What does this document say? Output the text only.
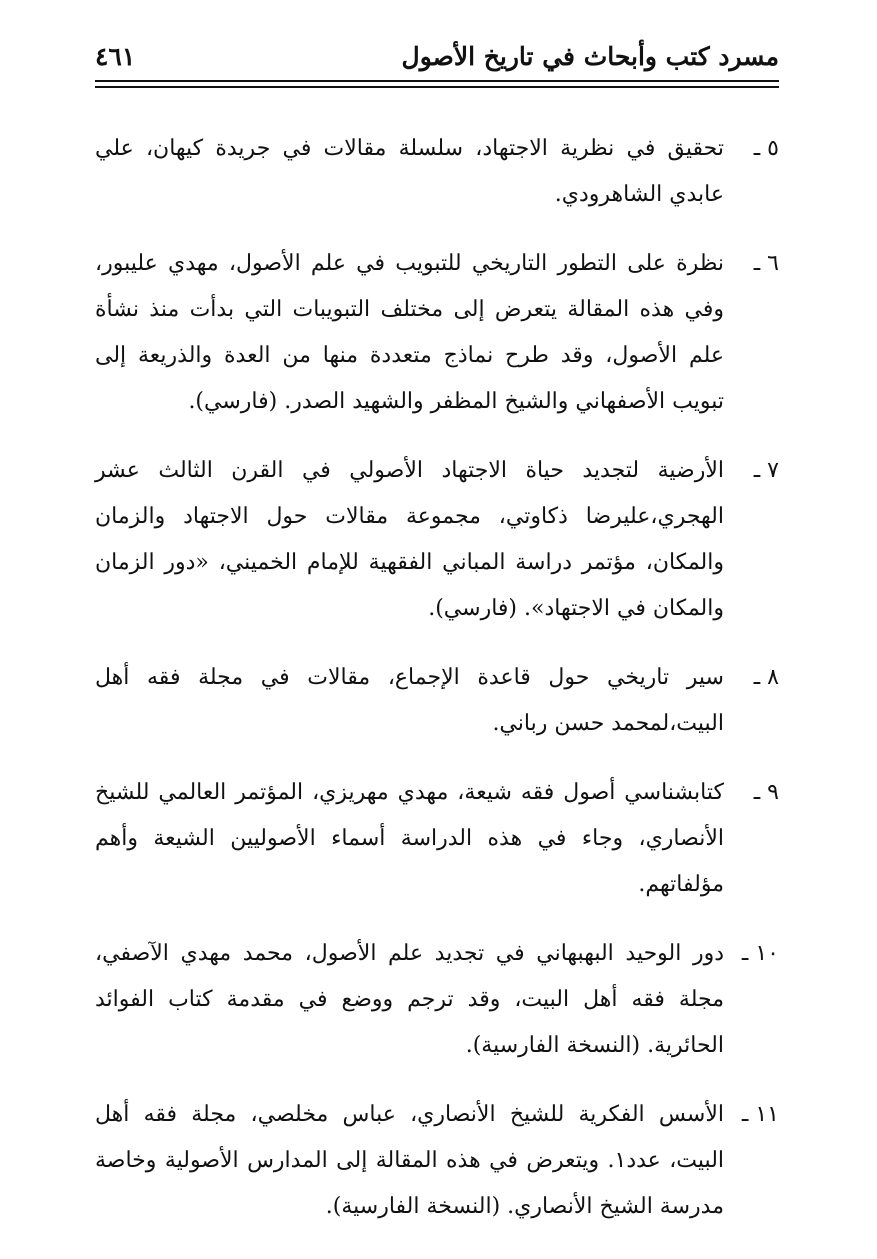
مسرد كتب وأبحاث في تاريخ الأصول
٤٦١
٥ ـ
تحقيق في نظرية الاجتهاد، سلسلة مقالات في جريدة كيهان، علي عابدي الشاهرودي.
٦ ـ
نظرة على التطور التاريخي للتبويب في علم الأصول، مهدي عليبور، وفي هذه المقالة يتعرض إلى مختلف التبويبات التي بدأت منذ نشأة علم الأصول، وقد طرح نماذج متعددة منها من العدة والذريعة إلى تبويب الأصفهاني والشيخ المظفر والشهيد الصدر. (فارسي).
٧ ـ
الأرضية لتجديد حياة الاجتهاد الأصولي في القرن الثالث عشر الهجري،عليرضا ذكاوتي، مجموعة مقالات حول الاجتهاد والزمان والمكان، مؤتمر دراسة المباني الفقهية للإمام الخميني، «دور الزمان والمكان في الاجتهاد». (فارسي).
٨ ـ
سير تاريخي حول قاعدة الإجماع، مقالات في مجلة فقه أهل البيت،لمحمد حسن رباني.
٩ ـ
كتابشناسي أصول فقه شيعة، مهدي مهريزي، المؤتمر العالمي للشيخ الأنصاري، وجاء في هذه الدراسة أسماء الأصوليين الشيعة وأهم مؤلفاتهم.
١٠ ـ
دور الوحيد البهبهاني في تجديد علم الأصول، محمد مهدي الآصفي، مجلة فقه أهل البيت، وقد ترجم ووضع في مقدمة كتاب الفوائد الحائرية. (النسخة الفارسية).
١١ ـ
الأسس الفكرية للشيخ الأنصاري، عباس مخلصي، مجلة فقه أهل البيت، عدد١. ويتعرض في هذه المقالة إلى المدارس الأصولية وخاصة مدرسة الشيخ الأنصاري. (النسخة الفارسية).
